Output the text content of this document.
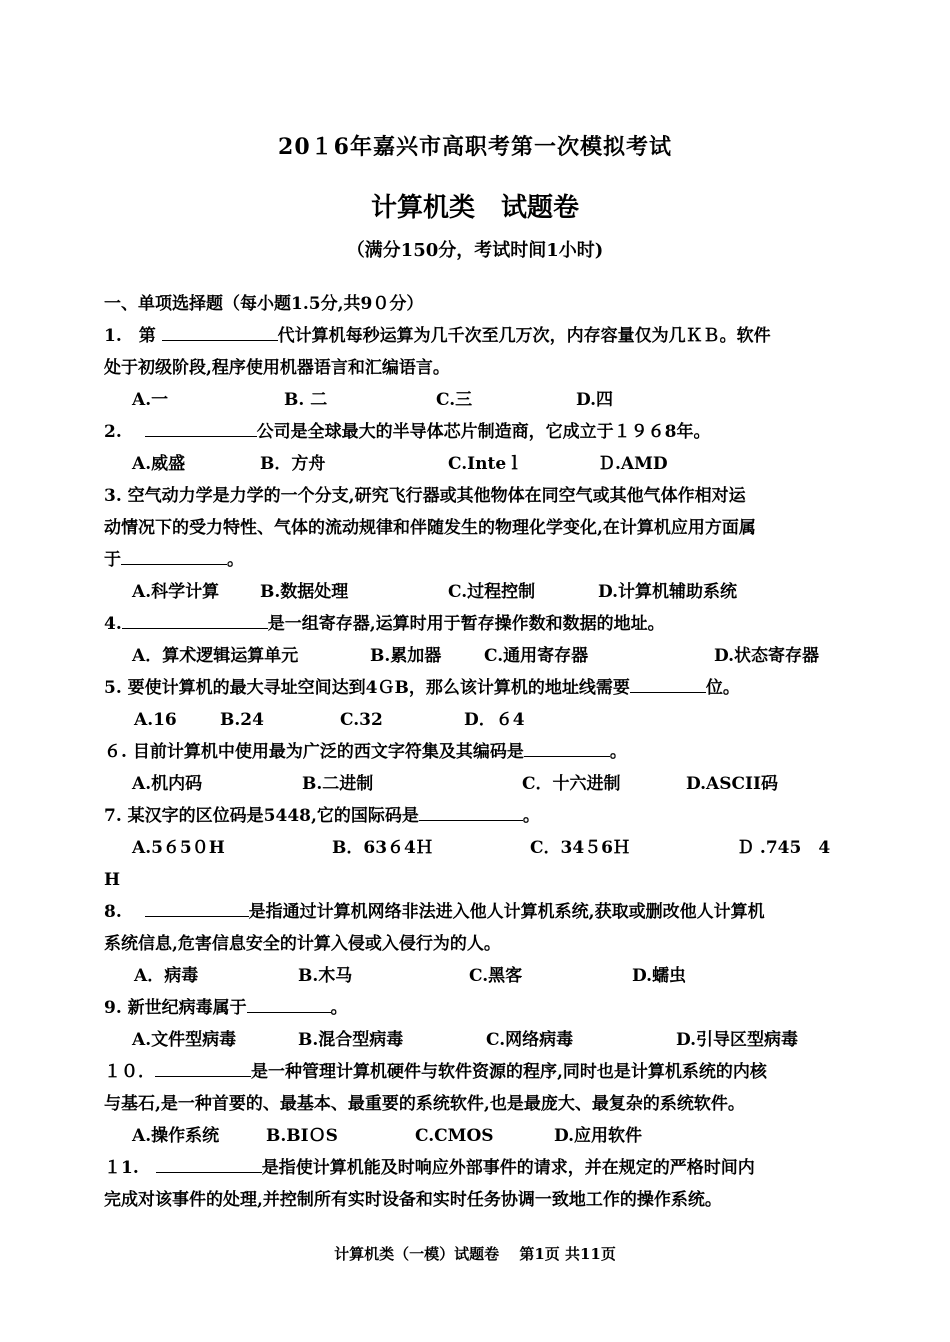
20１6年嘉兴市高职考第一次模拟考试
计算机类　试题卷
（满分150分，考试时间1小时)
一、单项选择题（每小题1.5分,共9０分）
1.　第	代计算机每秒运算为几千次至几万次，内存容量仅为几ＫＢ。软件
处于初级阶段,程序使用机器语言和汇编语言。
A.一	​B. 二	C.三	​D.四
2.　	公司是全球最大的半导体芯片制造商，它成立于１９６8年。
A.威盛	​B．方舟	C.Inteｌ	Ｄ.AMD
3. 空气动力学是力学的一个分支,研究飞行器或其他物体在同空气或其他气体作相对运
动情况下的受力特性、气体的流动规律和伴随发生的物理化学变化,在计算机应用方面属
于	。
A.科学计算 ​B.数据处理	C.过程控制	D.计算机辅助系统
4.	是一组寄存器,运算时用于暂存操作数和数据的地址。
A．算术逻辑运算单元	B.累加器	C.通用寄存器	D.状态寄存器
5. 要使计算机的最大寻址空间达到4ＧB，那么该计算机的地址线需要	位。
A.16	​B.24	C.32	D．６4
６. 目前计算机中使用最为广泛的西文字符集及其编码是	。
A.机内码	​B.二进制	C．十六进制	​D.ASCII码
7. 某汉字的区位码是5448,它的国际码是	。
A.5６5０H	B．63６4Ｈ	​C．34５6Ｈ	​　Ｄ .745　4
H
8.　	是指通过计算机网络非法进入他人计算机系统,获取或删改他人计算机
系统信息,危害信息安全的计算入侵或入侵行为的人。
A．病毒	B.木马	​　C.黑客	​​D.蠕虫
9. 新世纪病毒属于	。
A.文件型病毒	B.混合型病毒	C.网络病毒	D.引导区型病毒
１０．	是一种管理计算机硬件与软件资源的程序,同时也是计算机系统的内核
与基石,是一种首要的、最基本、最重要的系统软件,也是最庞大、最复杂的系统软件。
A.操作系统	​B.BIＯS	​　C.CMOS	​D.应用软件
１1.　	是指使计算机能及时响应外部事件的请求，并在规定的严格时间内
完成对该事件的处理,并控制所有实时设备和实时任务协调一致地工作的操作系统。
计算机类（一模）试题卷　 第1页 共11页
